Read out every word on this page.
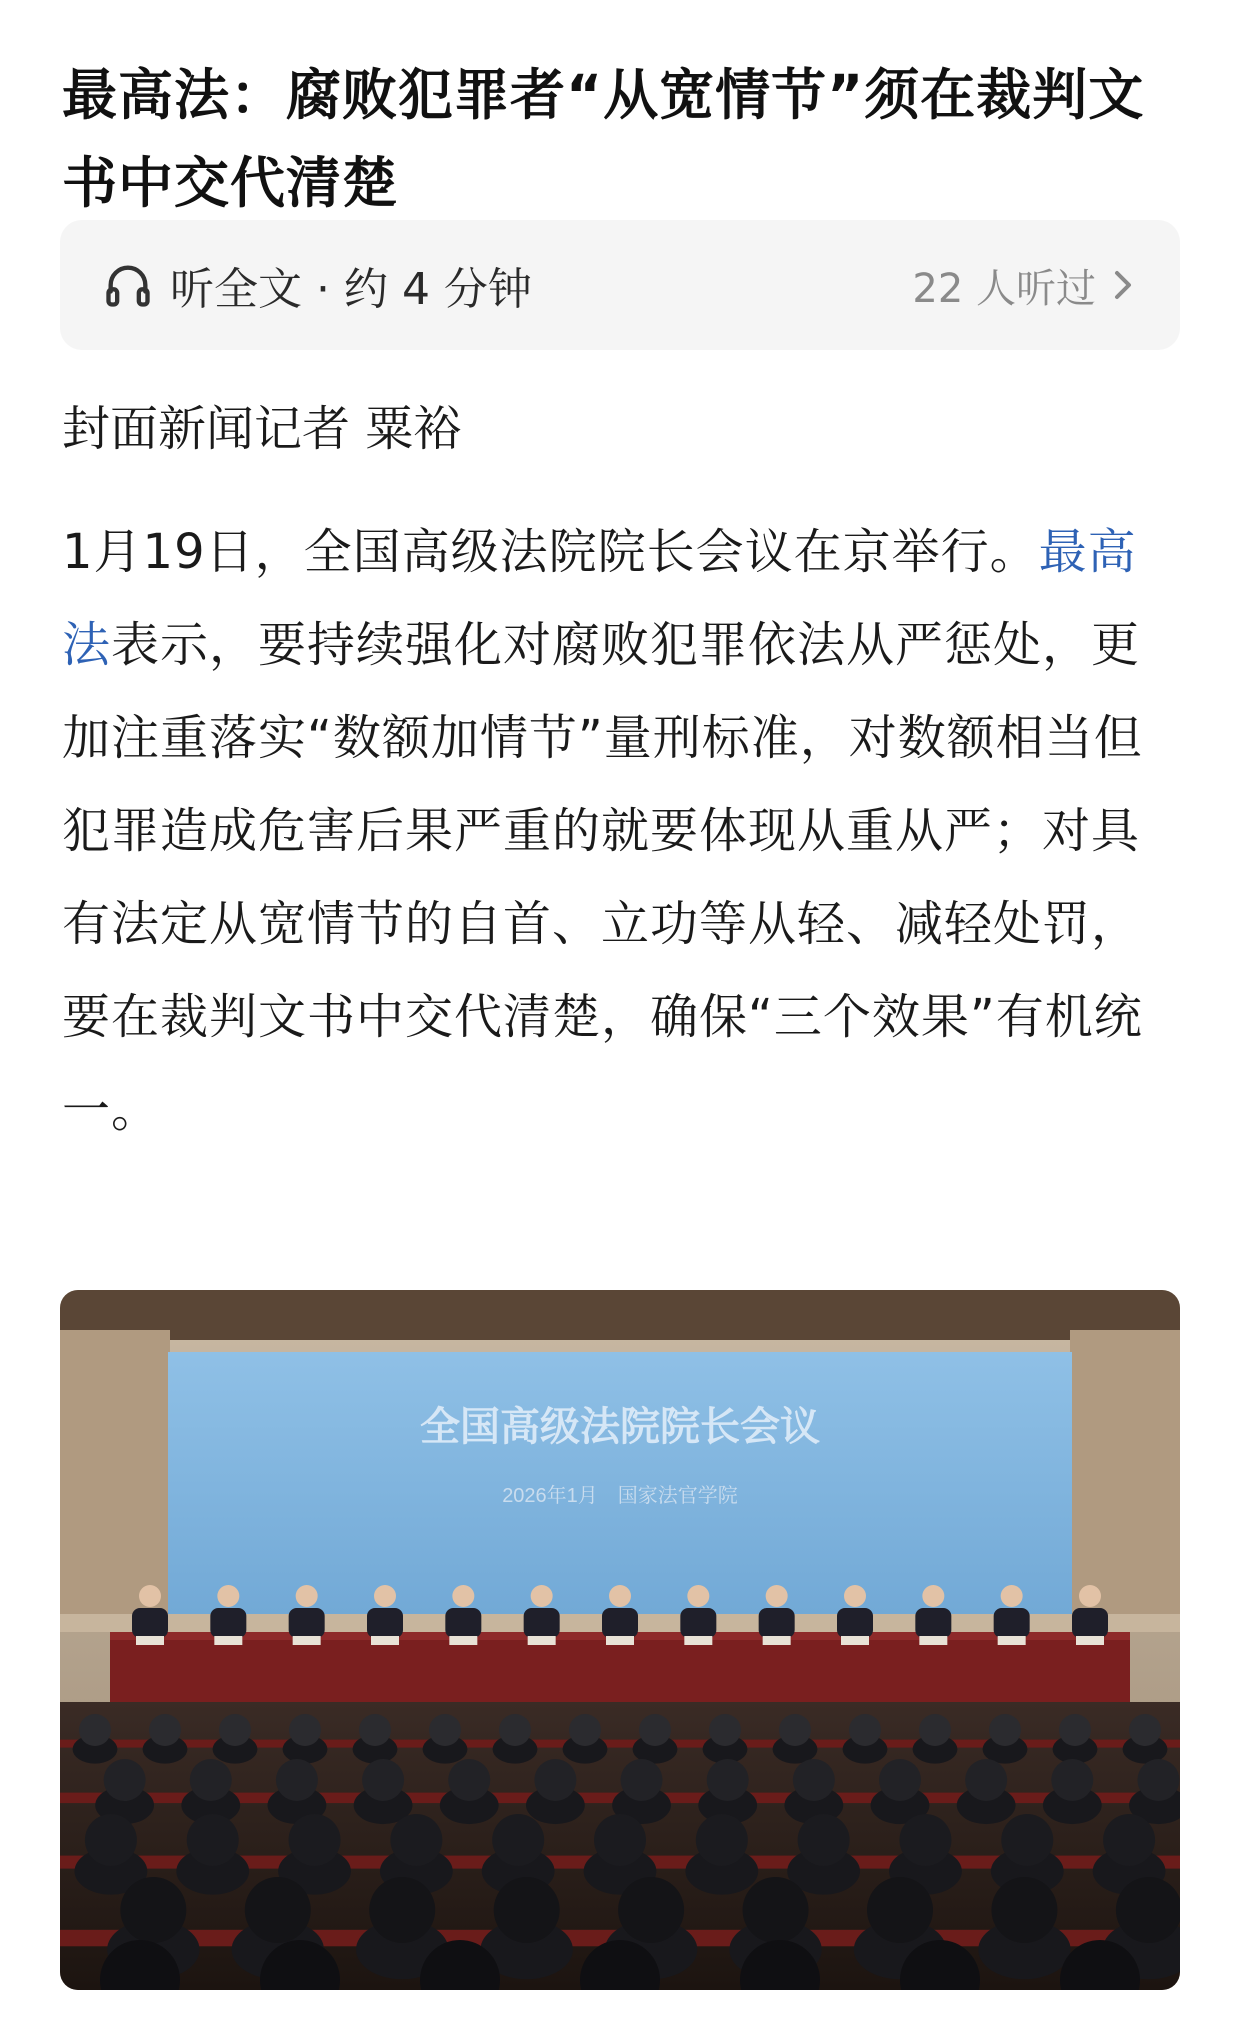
最高法：腐败犯罪者“从宽情节”须在裁判文书中交代清楚
听全文 · 约 4 分钟	22 人听过
封面新闻记者 粟裕

1月19日，全国高级法院院长会议在京举行。最高法表示，要持续强化对腐败犯罪依法从严惩处，更加注重落实“数额加情节”量刑标准，对数额相当但犯罪造成危害后果严重的就要体现从重从严；对具有法定从宽情节的自首、立功等从轻、减轻处罚，要在裁判文书中交代清楚，确保“三个效果”有机统一。

全国高级法院院长会议
2026年1月　国家法官学院
